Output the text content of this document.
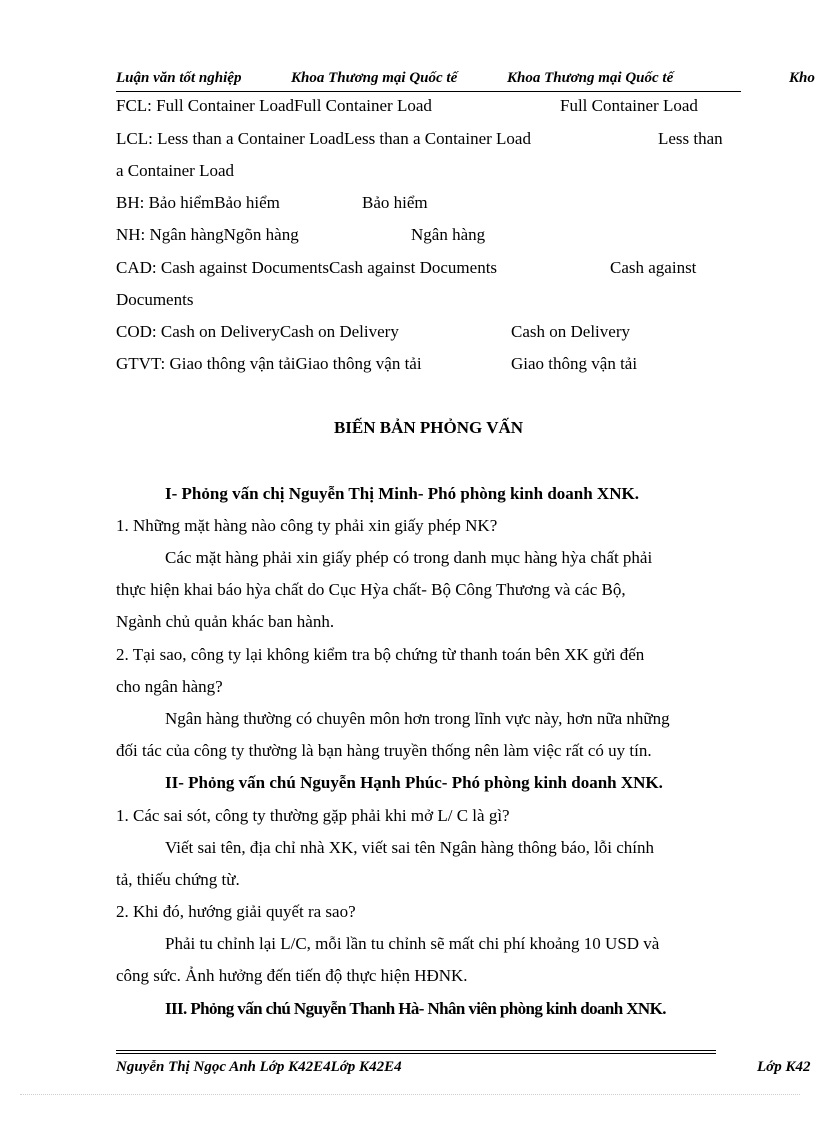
Luận văn tốt nghiệp	Khoa Thương mại Quốc tế	Khoa Thương mại Quốc tế	Kho
FCL: Full Container LoadFull Container Load	Full Container Load
LCL: Less than a Container LoadLess than a Container Load	Less than
a Container Load
BH: Bảo hiểmBảo hiểm	Bảo hiểm
NH: Ngân hàngNgõn hàng	Ngân hàng
CAD: Cash against DocumentsCash against Documents	Cash against
Documents
COD: Cash on DeliveryCash on Delivery	Cash on Delivery
GTVT: Giao thông vận tảiGiao thông vận tải	Giao thông vận tải
BIẾN BẢN PHỎNG VẤN
I- Phỏng vấn chị Nguyễn Thị Minh- Phó phòng kinh doanh XNK.
1. Những mặt hàng nào công ty phải xin giấy phép NK?
Các mặt hàng phải xin giấy phép có trong danh mục hàng hỳa chất phải
thực hiện khai báo hỳa chất do Cục Hỳa chất- Bộ Công Thương và các Bộ,
Ngành chủ quản khác ban hành.
2. Tại sao, công ty lại không kiểm tra bộ chứng từ thanh toán bên XK gửi đến
cho ngân hàng?
Ngân hàng thường có chuyên môn hơn trong lĩnh vực này, hơn nữa những
đối tác của công ty thường là bạn hàng truyền thống nên làm việc rất có uy tín.
II- Phỏng vấn chú Nguyễn Hạnh Phúc- Phó phòng kinh doanh XNK.
1. Các sai sót, công ty thường gặp phải khi mở L/ C là gì?
Viết sai tên, địa chỉ nhà XK, viết sai tên Ngân hàng thông báo, lỗi chính
tả, thiếu chứng từ.
2. Khi đó, hướng giải quyết ra sao?
Phải tu chỉnh lại L/C, mỗi lần tu chỉnh sẽ mất chi phí khoảng 10 USD và
công sức. Ảnh hưởng đến tiến độ thực hiện HĐNK.
III. Phỏng vấn chú Nguyễn Thanh Hà- Nhân viên phòng kinh doanh XNK.
Nguyễn Thị Ngọc Anh Lớp K42E4Lớp K42E4	Lớp K42
